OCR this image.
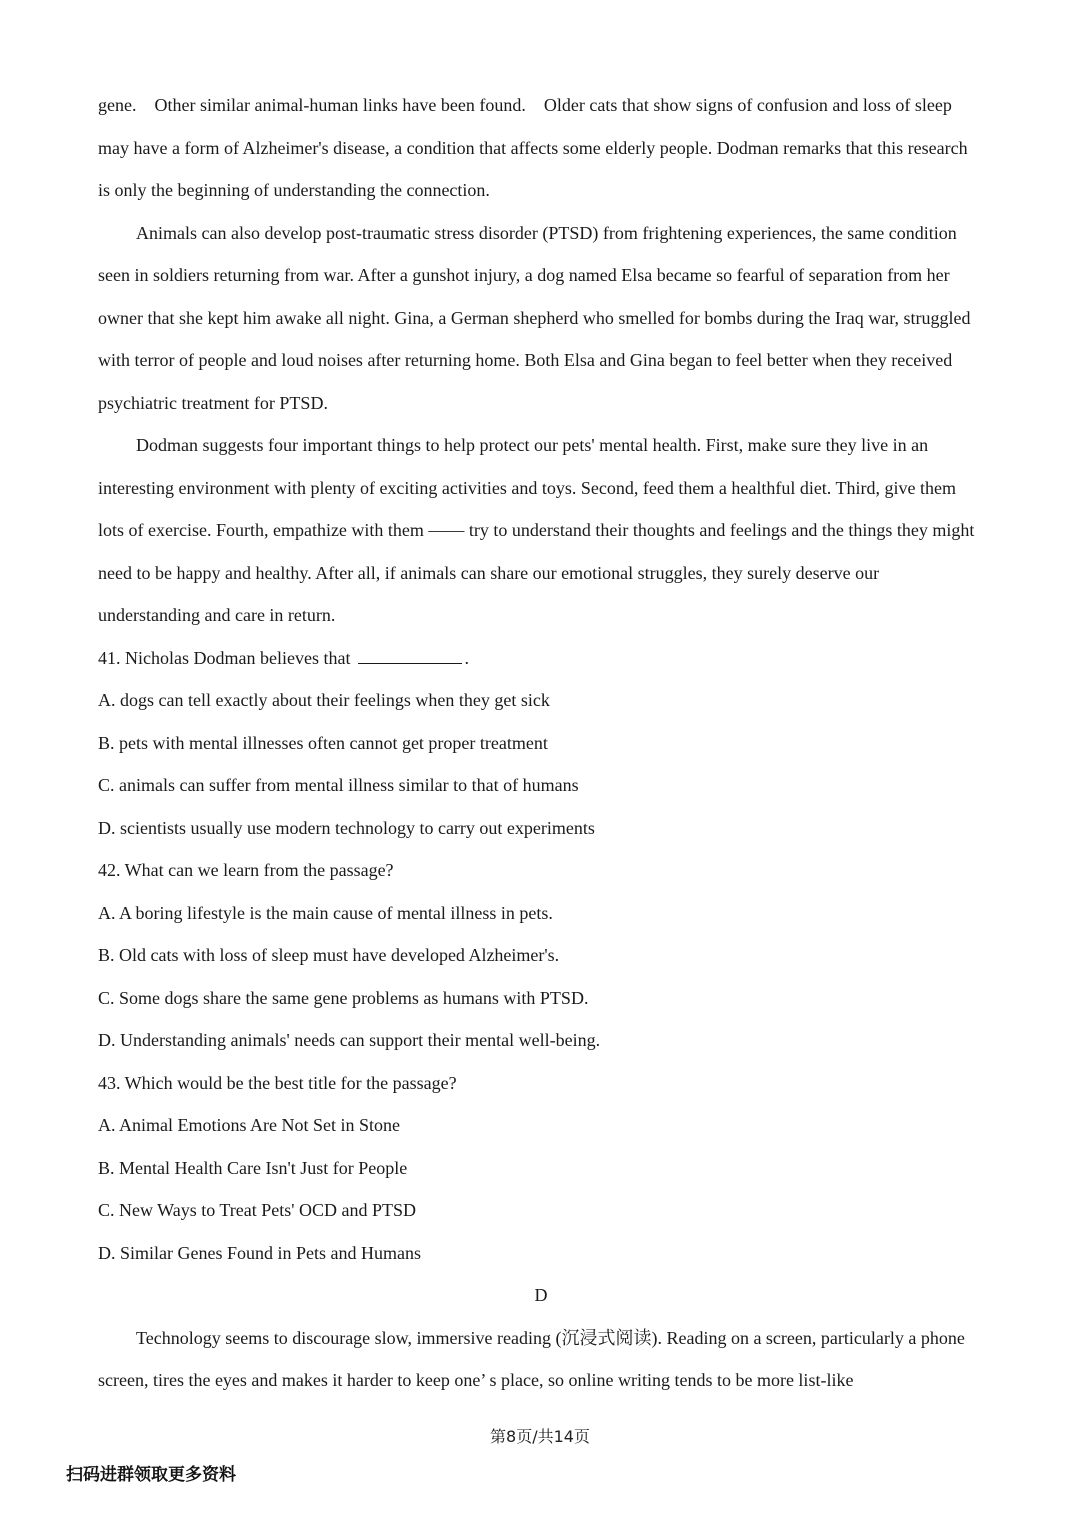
gene. Other similar animal-human links have been found. Older cats that show signs of confusion and loss of sleep may have a form of Alzheimer's disease, a condition that affects some elderly people. Dodman remarks that this research is only the beginning of understanding the connection.

Animals can also develop post-traumatic stress disorder (PTSD) from frightening experiences, the same condition seen in soldiers returning from war. After a gunshot injury, a dog named Elsa became so fearful of separation from her owner that she kept him awake all night. Gina, a German shepherd who smelled for bombs during the Iraq war, struggled with terror of people and loud noises after returning home. Both Elsa and Gina began to feel better when they received psychiatric treatment for PTSD.

Dodman suggests four important things to help protect our pets' mental health. First, make sure they live in an interesting environment with plenty of exciting activities and toys. Second, feed them a healthful diet. Third, give them lots of exercise. Fourth, empathize with them —— try to understand their thoughts and feelings and the things they might need to be happy and healthy. After all, if animals can share our emotional struggles, they surely deserve our understanding and care in return.

41. Nicholas Dodman believes that	.

A. dogs can tell exactly about their feelings when they get sick

B. pets with mental illnesses often cannot get proper treatment

C. animals can suffer from mental illness similar to that of humans

D. scientists usually use modern technology to carry out experiments

42. What can we learn from the passage?

A. A boring lifestyle is the main cause of mental illness in pets.

B. Old cats with loss of sleep must have developed Alzheimer's.

C. Some dogs share the same gene problems as humans with PTSD.

D. Understanding animals' needs can support their mental well-being.

43. Which would be the best title for the passage?

A. Animal Emotions Are Not Set in Stone

B. Mental Health Care Isn't Just for People

C. New Ways to Treat Pets' OCD and PTSD

D. Similar Genes Found in Pets and Humans

D

Technology seems to discourage slow, immersive reading (沉浸式阅读). Reading on a screen, particularly a phone screen, tires the eyes and makes it harder to keep one’ s place, so online writing tends to be more list-like

第8页/共14页
扫码进群领取更多资料
